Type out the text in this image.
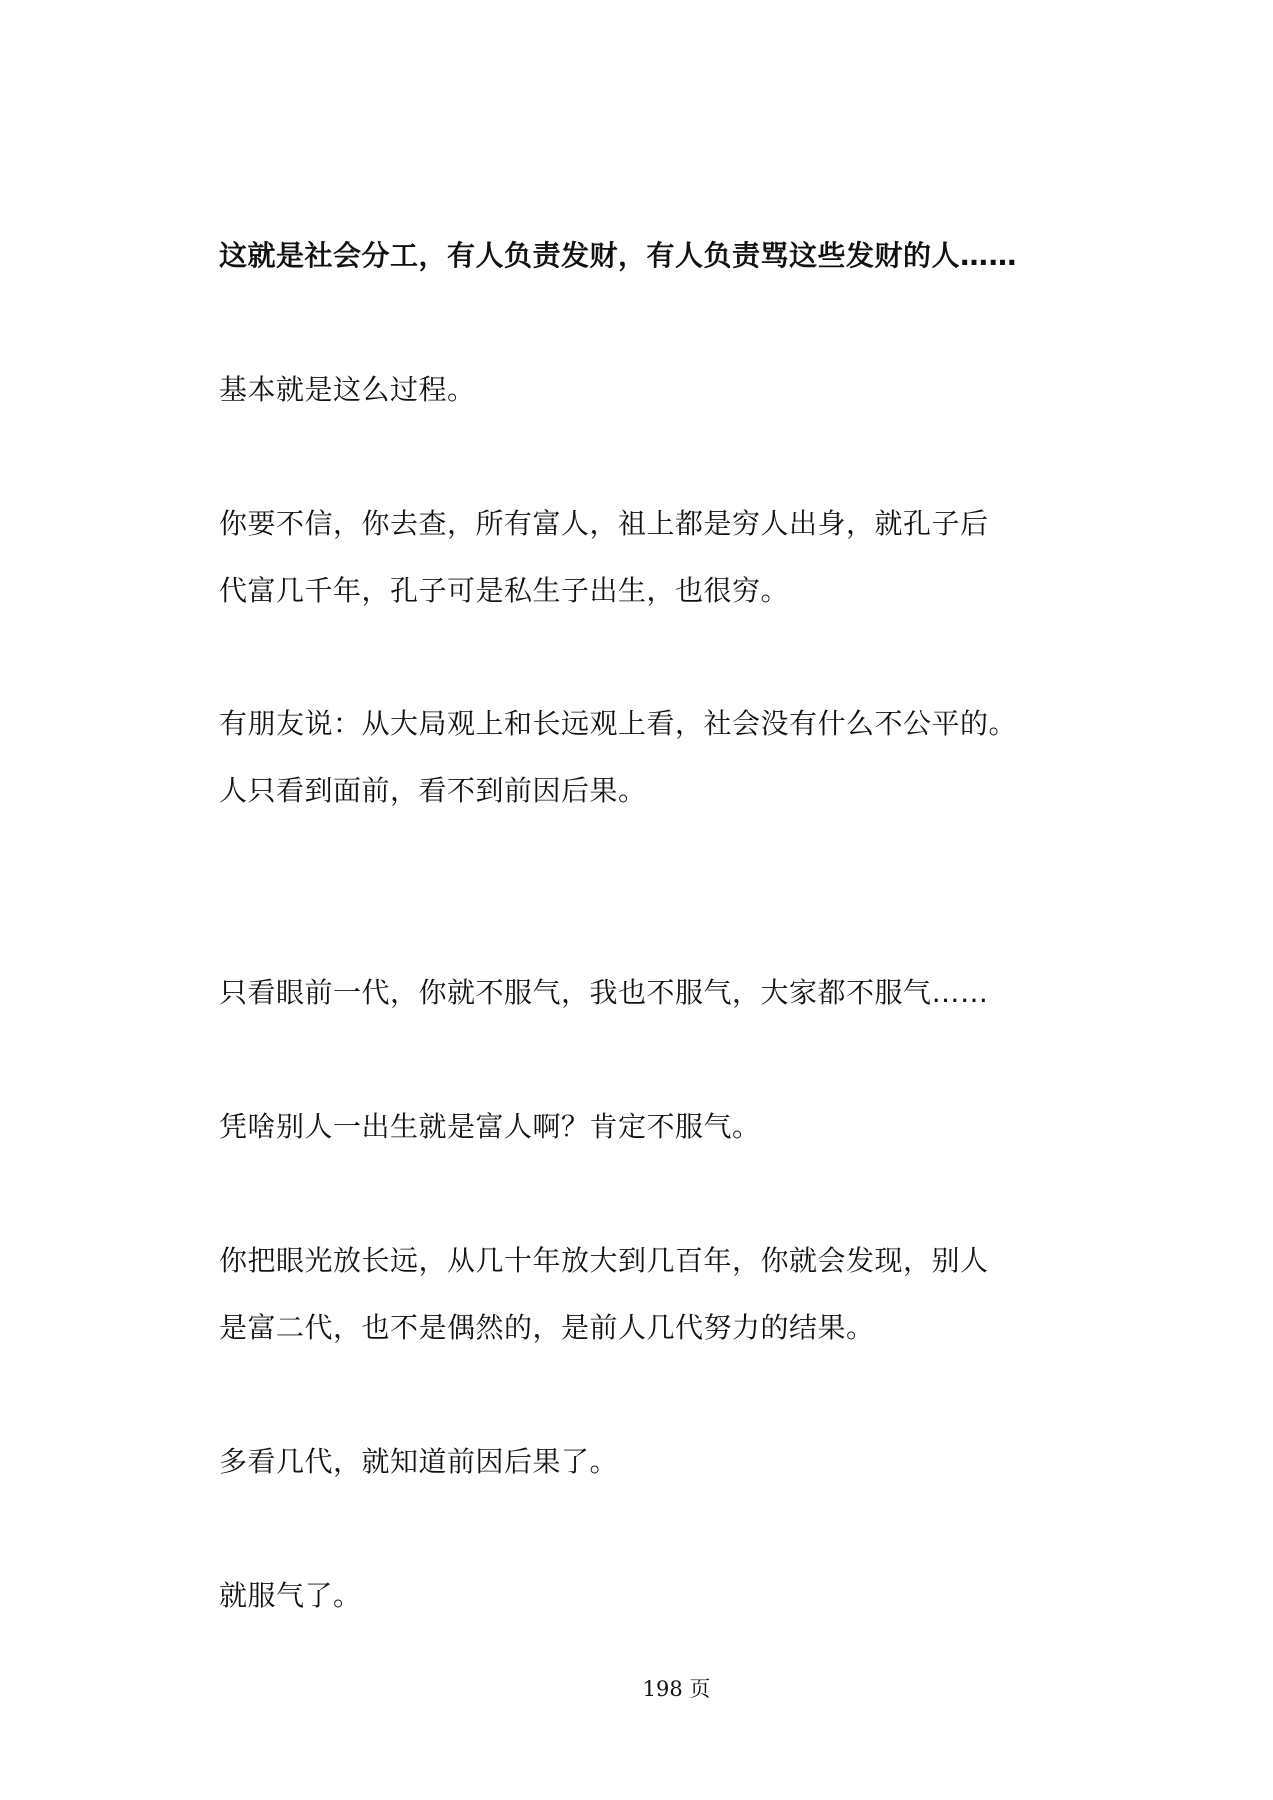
这就是社会分工，有人负责发财，有人负责骂这些发财的人……

基本就是这么过程。

你要不信，你去查，所有富人，祖上都是穷人出身，就孔子后
代富几千年，孔子可是私生子出生，也很穷。

有朋友说：从大局观上和长远观上看，社会没有什么不公平的。
人只看到面前，看不到前因后果。

只看眼前一代，你就不服气，我也不服气，大家都不服气……

凭啥别人一出生就是富人啊？肯定不服气。

你把眼光放长远，从几十年放大到几百年，你就会发现，别人
是富二代，也不是偶然的，是前人几代努力的结果。

多看几代，就知道前因后果了。

就服气了。

198 页
